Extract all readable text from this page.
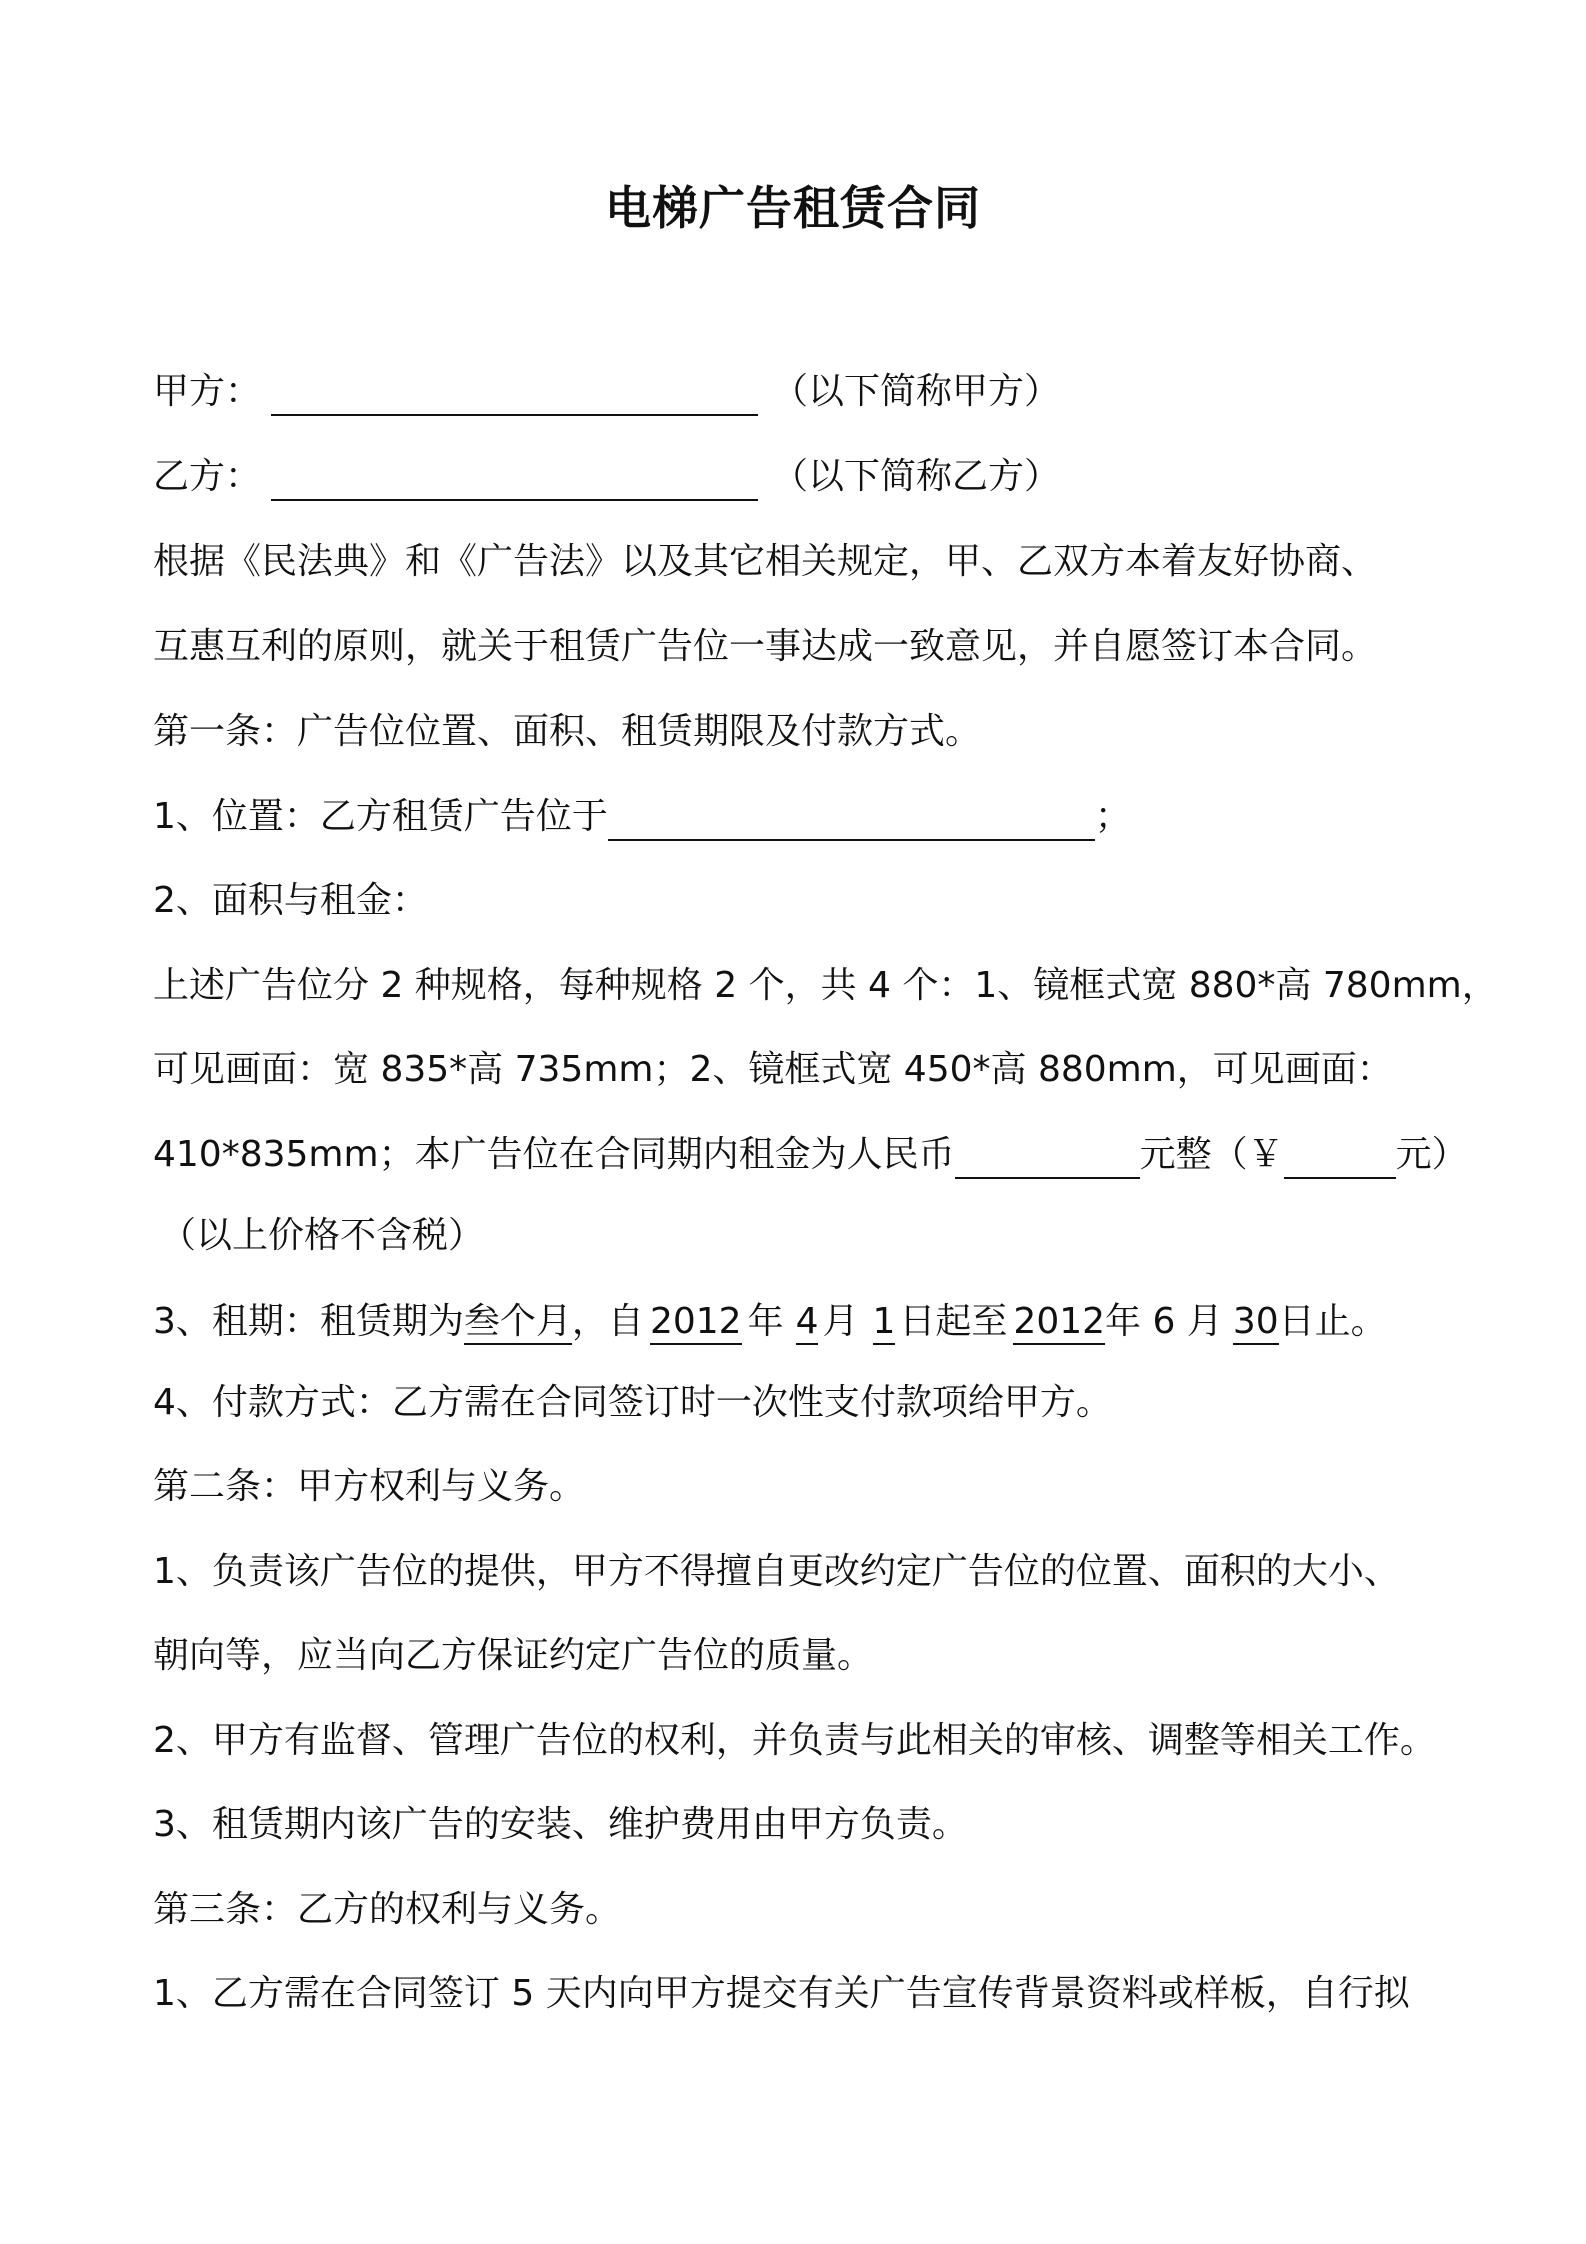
电梯广告租赁合同
甲方：	（以下简称甲方）
乙方：	（以下简称乙方）
根据《民法典》和《广告法》以及其它相关规定，甲、乙双方本着友好协商、
互惠互利的原则，就关于租赁广告位一事达成一致意见，并自愿签订本合同。
第一条：广告位位置、面积、租赁期限及付款方式。
1、位置：乙方租赁广告位于	；
2、面积与租金：
上述广告位分 2 种规格，每种规格 2 个，共 4 个：1、镜框式宽 880*高 780mm，
可见画面：宽 835*高 735mm；2、镜框式宽 450*高 880mm，可见画面：
410*835mm；本广告位在合同期内租金为人民币	元整（￥	元）
（以上价格不含税）
3、租期：租赁期为叁个月，自 2012 年 4 月 1 日起至 2012年 6 月 30日止。
4、付款方式：乙方需在合同签订时一次性支付款项给甲方。
第二条：甲方权利与义务。
1、负责该广告位的提供，甲方不得擅自更改约定广告位的位置、面积的大小、
朝向等，应当向乙方保证约定广告位的质量。
2、甲方有监督、管理广告位的权利，并负责与此相关的审核、调整等相关工作。
3、租赁期内该广告的安装、维护费用由甲方负责。
第三条：乙方的权利与义务。
1、乙方需在合同签订 5 天内向甲方提交有关广告宣传背景资料或样板，自行拟
